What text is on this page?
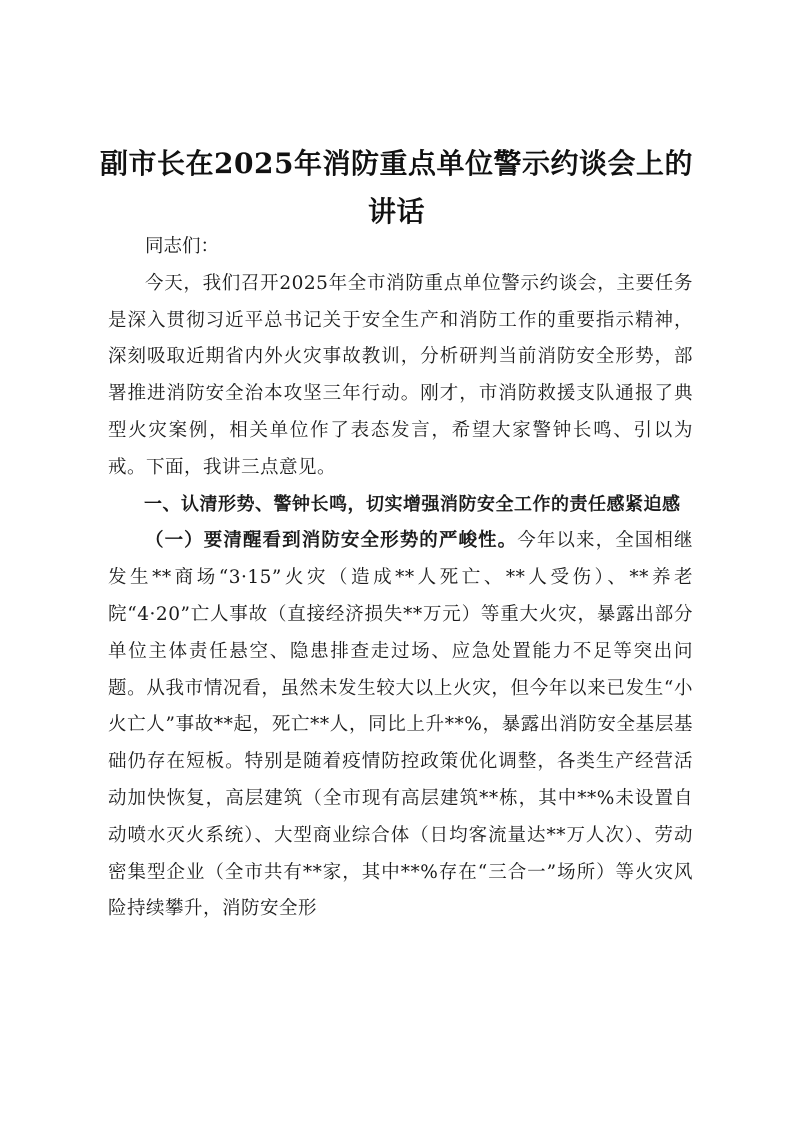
副市长在2025年消防重点单位警示约谈会上的讲话

同志们：

今天，我们召开2025年全市消防重点单位警示约谈会，主要任务是深入贯彻习近平总书记关于安全生产和消防工作的重要指示精神，深刻吸取近期省内外火灾事故教训，分析研判当前消防安全形势，部署推进消防安全治本攻坚三年行动。刚才，市消防救援支队通报了典型火灾案例，相关单位作了表态发言，希望大家警钟长鸣、引以为戒。下面，我讲三点意见。

一、认清形势、警钟长鸣，切实增强消防安全工作的责任感紧迫感

（一）要清醒看到消防安全形势的严峻性。今年以来，全国相继发生**商场“3·15”火灾（造成**人死亡、**人受伤）、**养老院“4·20”亡人事故（直接经济损失**万元）等重大火灾，暴露出部分单位主体责任悬空、隐患排查走过场、应急处置能力不足等突出问题。从我市情况看，虽然未发生较大以上火灾，但今年以来已发生“小火亡人”事故**起，死亡**人，同比上升**%，暴露出消防安全基层基础仍存在短板。特别是随着疫情防控政策优化调整，各类生产经营活动加快恢复，高层建筑（全市现有高层建筑**栋，其中**%未设置自动喷水灭火系统）、大型商业综合体（日均客流量达**万人次）、劳动密集型企业（全市共有**家，其中**%存在“三合一”场所）等火灾风险持续攀升，消防安全形
